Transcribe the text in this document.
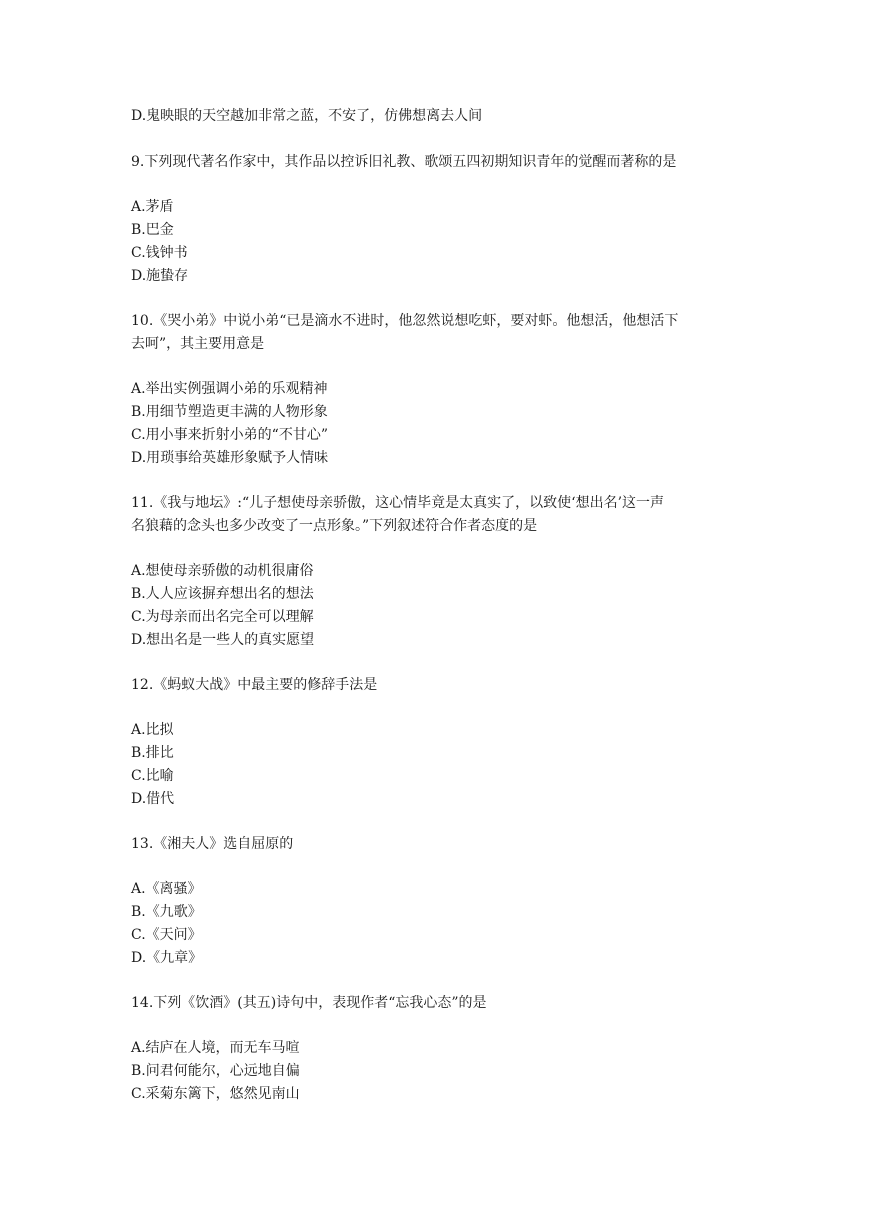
D.鬼映眼的天空越加非常之蓝，不安了，仿佛想离去人间

9.下列现代著名作家中，其作品以控诉旧礼教、歌颂五四初期知识青年的觉醒而著称的是

A.茅盾

B.巴金

C.钱钟书

D.施蛰存

10.《哭小弟》中说小弟“已是滴水不进时，他忽然说想吃虾，要对虾。他想活，他想活下

去呵”，其主要用意是

A.举出实例强调小弟的乐观精神

B.用细节塑造更丰满的人物形象

C.用小事来折射小弟的“不甘心”

D.用琐事给英雄形象赋予人情味

11.《我与地坛》:“儿子想使母亲骄傲，这心情毕竟是太真实了，以致使‘想出名’这一声

名狼藉的念头也多少改变了一点形象。”下列叙述符合作者态度的是

A.想使母亲骄傲的动机很庸俗

B.人人应该摒弃想出名的想法

C.为母亲而出名完全可以理解

D.想出名是一些人的真实愿望

12.《蚂蚁大战》中最主要的修辞手法是

A.比拟

B.排比

C.比喻

D.借代

13.《湘夫人》选自屈原的

A.《离骚》

B.《九歌》

C.《天问》

D.《九章》

14.下列《饮酒》(其五)诗句中，表现作者“忘我心态”的是

A.结庐在人境，而无车马喧

B.问君何能尔，心远地自偏

C.采菊东篱下，悠然见南山
